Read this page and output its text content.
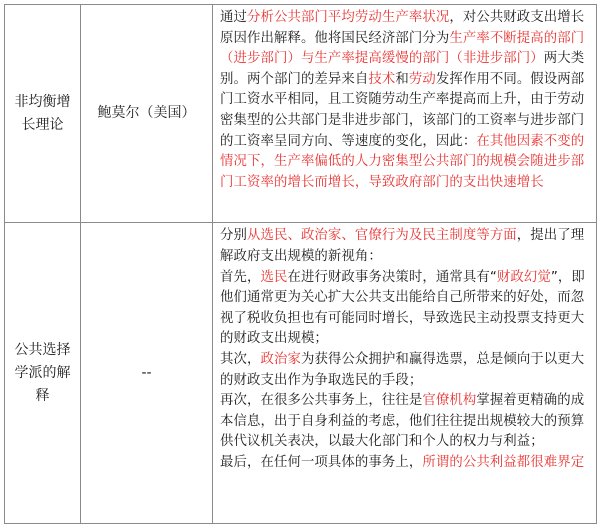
非均衡增长理论	鲍莫尔（美国）	通过分析公共部门平均劳动生产率状况，对公共财政支出增长原因作出解释。他将国民经济部门分为生产率不断提高的部门（进步部门）与生产率提高缓慢的部门（非进步部门）两大类别。两个部门的差异来自技术和劳动发挥作用不同。假设两部门工资水平相同，且工资随劳动生产率提高而上升，由于劳动密集型的公共部门是非进步部门，该部门的工资率与进步部门的工资率呈同方向、等速度的变化，因此：在其他因素不变的情况下，生产率偏低的人力密集型公共部门的规模会随进步部门工资率的增长而增长，导致政府部门的支出快速增长

公共选择学派的解释	--	分别从选民、政治家、官僚行为及民主制度等方面，提出了理解政府支出规模的新视角：

首先，选民在进行财政事务决策时，通常具有“财政幻觉”，即他们通常更为关心扩大公共支出能给自己所带来的好处，而忽视了税收负担也有可能同时增长，导致选民主动投票支持更大的财政支出规模；

其次，政治家为获得公众拥护和赢得选票，总是倾向于以更大的财政支出作为争取选民的手段；

再次，在很多公共事务上，往往是官僚机构掌握着更精确的成本信息，出于自身利益的考虑，他们往往提出规模较大的预算供代议机关表决，以最大化部门和个人的权力与利益；

最后，在任何一项具体的事务上，所谓的公共利益都很难界定
